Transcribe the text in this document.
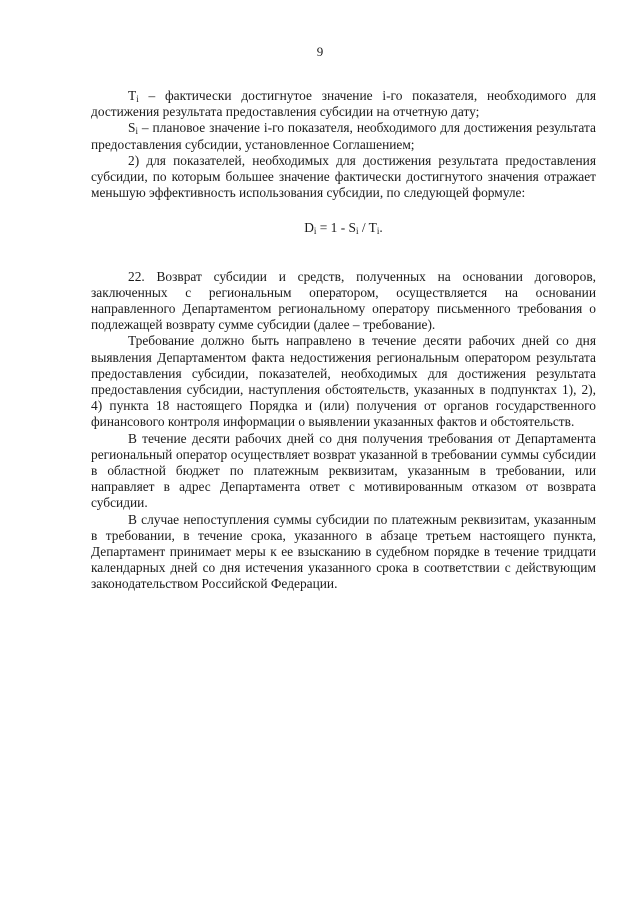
9

$T_i$ – фактически достигнутое значение i-го показателя, необходимого для достижения результата предоставления субсидии на отчетную дату;

$S_i$ – плановое значение i-го показателя, необходимого для достижения результата предоставления субсидии, установленное Соглашением;

2) для показателей, необходимых для достижения результата предоставления субсидии, по которым большее значение фактически достигнутого значения отражает меньшую эффективность использования субсидии, по следующей формуле:

$D_i = 1 - S_i / T_i$.

22. Возврат субсидии и средств, полученных на основании договоров, заключенных с региональным оператором, осуществляется на основании направленного Департаментом региональному оператору письменного требования о подлежащей возврату сумме субсидии (далее – требование).

Требование должно быть направлено в течение десяти рабочих дней со дня выявления Департаментом факта недостижения региональным оператором результата предоставления субсидии, показателей, необходимых для достижения результата предоставления субсидии, наступления обстоятельств, указанных в подпунктах 1), 2), 4) пункта 18 настоящего Порядка и (или) получения от органов государственного финансового контроля информации о выявлении указанных фактов и обстоятельств.

В течение десяти рабочих дней со дня получения требования от Департамента региональный оператор осуществляет возврат указанной в требовании суммы субсидии в областной бюджет по платежным реквизитам, указанным в требовании, или направляет в адрес Департамента ответ с мотивированным отказом от возврата субсидии.

В случае непоступления суммы субсидии по платежным реквизитам, указанным в требовании, в течение срока, указанного в абзаце третьем настоящего пункта, Департамент принимает меры к ее взысканию в судебном порядке в течение тридцати календарных дней со дня истечения указанного срока в соответствии с действующим законодательством Российской Федерации.
